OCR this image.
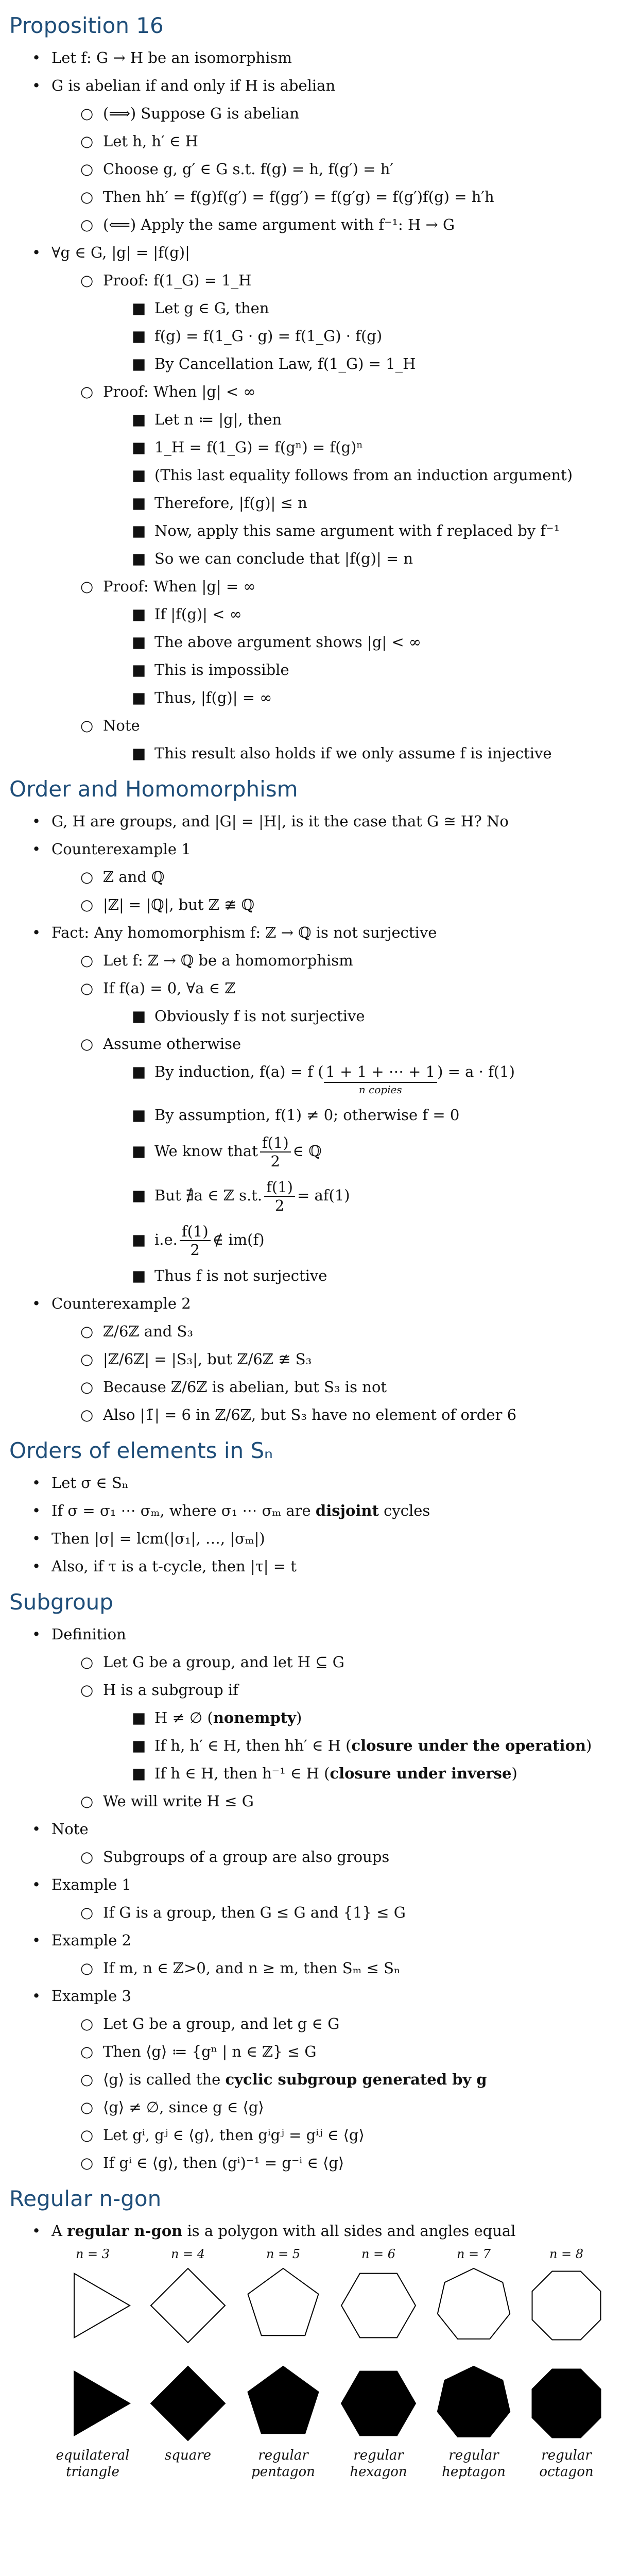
Proposition 16
• Let f: G → H be an isomorphism
• G is abelian if and only if H is abelian
○ (⟹) Suppose G is abelian
○ Let h, h′ ∈ H
○ Choose g, g′ ∈ G s.t. f(g) = h, f(g′) = h′
○ Then hh′ = f(g)f(g′) = f(gg′) = f(g′g) = f(g′)f(g) = h′h
○ (⟸) Apply the same argument with f⁻¹: H → G
• ∀g ∈ G, |g| = |f(g)|
○ Proof: f(1_G) = 1_H
■ Let g ∈ G, then
■ f(g) = f(1_G · g) = f(1_G) · f(g)
■ By Cancellation Law, f(1_G) = 1_H
○ Proof: When |g| < ∞
■ Let n ≔ |g|, then
■ 1_H = f(1_G) = f(gⁿ) = f(g)ⁿ
■ (This last equality follows from an induction argument)
■ Therefore, |f(g)| ≤ n
■ Now, apply this same argument with f replaced by f⁻¹
■ So we can conclude that |f(g)| = n
○ Proof: When |g| = ∞
■ If |f(g)| < ∞
■ The above argument shows |g| < ∞
■ This is impossible
■ Thus, |f(g)| = ∞
○ Note
■ This result also holds if we only assume f is injective
Order and Homomorphism
• G, H are groups, and |G| = |H|, is it the case that G ≅ H? No
• Counterexample 1
○ ℤ and ℚ
○ |ℤ| = |ℚ|, but ℤ ≇ ℚ
• Fact: Any homomorphism f: ℤ → ℚ is not surjective
○ Let f: ℤ → ℚ be a homomorphism
○ If f(a) = 0, ∀a ∈ ℤ
■ Obviously f is not surjective
○ Assume otherwise
■ By induction, f(a) = f ( 1 + 1 + ⋯ + 1
n copies
) = a · f(1)
■ By assumption, f(1) ≠ 0; otherwise f = 0
■ We know that $\frac{f(1)}{2}$ ∈ ℚ
■ But ∄a ∈ ℤ s.t. $\frac{f(1)}{2} = af(1)$
■ i.e. $\frac{f(1)}{2}$ ∉ im(f)
■ Thus f is not surjective
• Counterexample 2
○ ℤ/6ℤ and S₃
○ |ℤ/6ℤ| = |S₃|, but ℤ/6ℤ ≇ S₃
○ Because ℤ/6ℤ is abelian, but S₃ is not
○ Also |1̄| = 6 in ℤ/6ℤ, but S₃ have no element of order 6
Orders of elements in Sₙ
• Let σ ∈ Sₙ
• If σ = σ₁ ⋯ σₘ, where σ₁ ⋯ σₘ are disjoint cycles
• Then |σ| = lcm(|σ₁|, …, |σₘ|)
• Also, if τ is a t-cycle, then |τ| = t
Subgroup
• Definition
○ Let G be a group, and let H ⊆ G
○ H is a subgroup if
■ H ≠ ∅ (nonempty)
■ If h, h′ ∈ H, then hh′ ∈ H (closure under the operation)
■ If h ∈ H, then h⁻¹ ∈ H (closure under inverse)
○ We will write H ≤ G
• Note
○ Subgroups of a group are also groups
• Example 1
○ If G is a group, then G ≤ G and {1} ≤ G
• Example 2
○ If m, n ∈ ℤ>0, and n ≥ m, then Sₘ ≤ Sₙ
• Example 3
○ Let G be a group, and let g ∈ G
○ Then ⟨g⟩ ≔ {gⁿ | n ∈ ℤ} ≤ G
○ ⟨g⟩ is called the cyclic subgroup generated by g
○ ⟨g⟩ ≠ ∅, since g ∈ ⟨g⟩
○ Let gⁱ, gʲ ∈ ⟨g⟩, then gⁱgʲ = gⁱʲ ∈ ⟨g⟩
○ If gⁱ ∈ ⟨g⟩, then (gⁱ)⁻¹ = g⁻ⁱ ∈ ⟨g⟩
Regular n-gon
• A regular n-gon is a polygon with all sides and angles equal
n = 3
equilateral
triangle
n = 4
square
n = 5
regular
pentagon
n = 6
regular
hexagon
n = 7
regular
heptagon
n = 8
regular
octagon
